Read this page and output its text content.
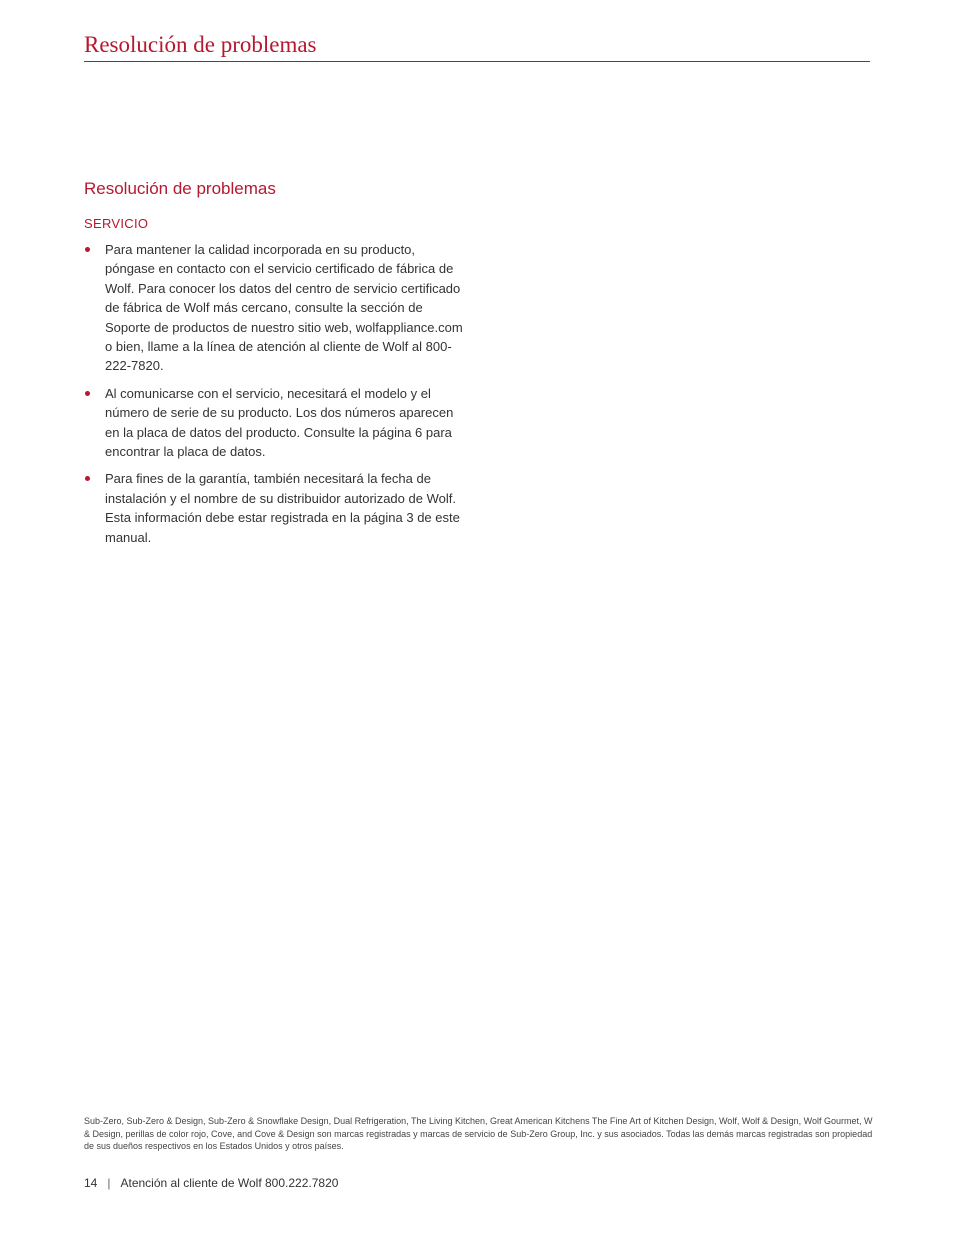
Resolución de problemas
Resolución de problemas
SERVICIO
Para mantener la calidad incorporada en su producto, póngase en contacto con el servicio certificado de fábrica de Wolf. Para conocer los datos del centro de servicio certificado de fábrica de Wolf más cercano, consulte la sección de Soporte de productos de nuestro sitio web, wolfappliance.com o bien, llame a la línea de atención al cliente de Wolf al 800-222-7820.
Al comunicarse con el servicio, necesitará el modelo y el número de serie de su producto. Los dos números aparecen en la placa de datos del producto. Consulte la página 6 para encontrar la placa de datos.
Para fines de la garantía, también necesitará la fecha de instalación y el nombre de su distribuidor autorizado de Wolf. Esta información debe estar registrada en la página 3 de este manual.
Sub-Zero, Sub-Zero & Design, Sub-Zero & Snowflake Design, Dual Refrigeration, The Living Kitchen, Great American Kitchens The Fine Art of Kitchen Design, Wolf, Wolf & Design, Wolf Gourmet, W & Design, perillas de color rojo, Cove, and Cove & Design son marcas registradas y marcas de servicio de Sub-Zero Group, Inc. y sus asociados. Todas las demás marcas registradas son propiedad de sus dueños respectivos en los Estados Unidos y otros países.
14 | Atención al cliente de Wolf 800.222.7820
